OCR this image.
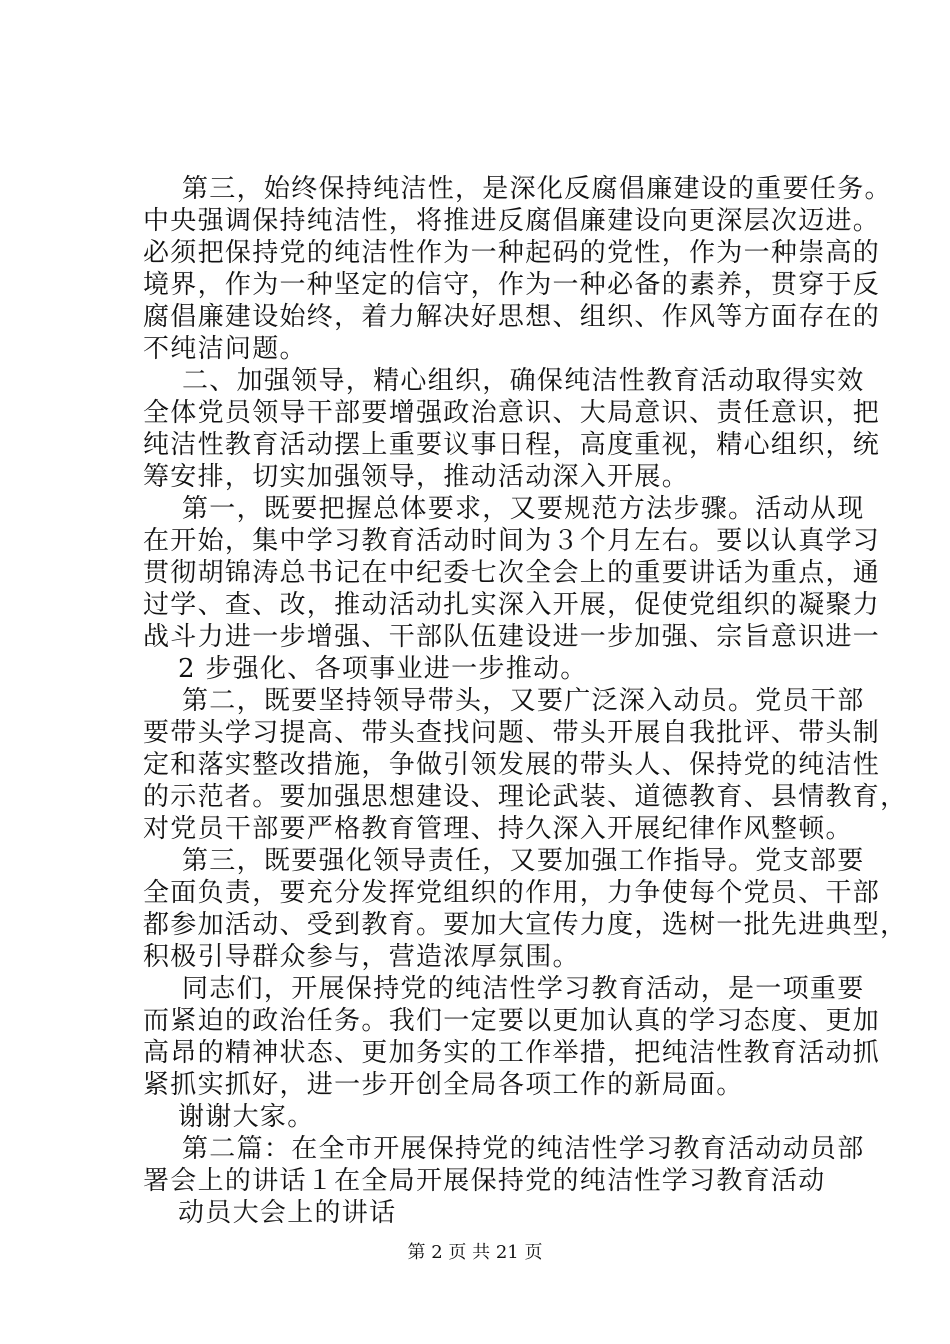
第三，始终保持纯洁性，是深化反腐倡廉建设的重要任务。
中央强调保持纯洁性，将推进反腐倡廉建设向更深层次迈进。
必须把保持党的纯洁性作为一种起码的党性，作为一种崇高的
境界，作为一种坚定的信守，作为一种必备的素养，贯穿于反
腐倡廉建设始终，着力解决好思想、组织、作风等方面存在的
不纯洁问题。
二、加强领导，精心组织，确保纯洁性教育活动取得实效
全体党员领导干部要增强政治意识、大局意识、责任意识，把
纯洁性教育活动摆上重要议事日程，高度重视，精心组织，统
筹安排，切实加强领导，推动活动深入开展。
第一，既要把握总体要求，又要规范方法步骤。活动从现
在开始，集中学习教育活动时间为３个月左右。要以认真学习
贯彻胡锦涛总书记在中纪委七次全会上的重要讲话为重点，通
过学、查、改，推动活动扎实深入开展，促使党组织的凝聚力
战斗力进一步增强、干部队伍建设进一步加强、宗旨意识进一
2 步强化、各项事业进一步推动。
第二，既要坚持领导带头，又要广泛深入动员。党员干部
要带头学习提高、带头查找问题、带头开展自我批评、带头制
定和落实整改措施，争做引领发展的带头人、保持党的纯洁性
的示范者。要加强思想建设、理论武装、道德教育、县情教育，
对党员干部要严格教育管理、持久深入开展纪律作风整顿。
第三，既要强化领导责任，又要加强工作指导。党支部要
全面负责，要充分发挥党组织的作用，力争使每个党员、干部
都参加活动、受到教育。要加大宣传力度，选树一批先进典型，
积极引导群众参与，营造浓厚氛围。
同志们，开展保持党的纯洁性学习教育活动，是一项重要
而紧迫的政治任务。我们一定要以更加认真的学习态度、更加
高昂的精神状态、更加务实的工作举措，把纯洁性教育活动抓
紧抓实抓好，进一步开创全局各项工作的新局面。
谢谢大家。
第二篇：在全市开展保持党的纯洁性学习教育活动动员部
署会上的讲话１在全局开展保持党的纯洁性学习教育活动
动员大会上的讲话
第 2 页 共 21 页
